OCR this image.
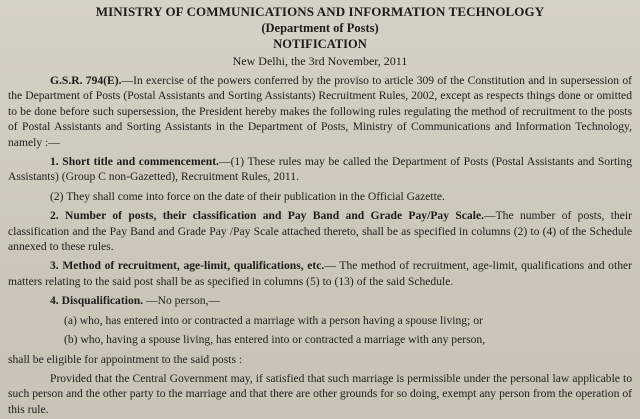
MINISTRY OF COMMUNICATIONS AND INFORMATION TECHNOLOGY
(Department of Posts)
NOTIFICATION
New Delhi, the 3rd November, 2011

G.S.R. 794(E).—In exercise of the powers conferred by the proviso to article 309 of the Constitution and in supersession of the Department of Posts (Postal Assistants and Sorting Assistants) Recruitment Rules, 2002, except as respects things done or omitted to be done before such supersession, the President hereby makes the following rules regulating the method of recruitment to the posts of Postal Assistants and Sorting Assistants in the Department of Posts, Ministry of Communications and Information Technology, namely :—

1. Short title and commencement.—(1) These rules may be called the Department of Posts (Postal Assistants and Sorting Assistants) (Group C non-Gazetted), Recruitment Rules, 2011.

(2) They shall come into force on the date of their publication in the Official Gazette.

2. Number of posts, their classification and Pay Band and Grade Pay/Pay Scale.—The number of posts, their classification and the Pay Band and Grade Pay /Pay Scale attached thereto, shall be as specified in columns (2) to (4) of the Schedule annexed to these rules.

3. Method of recruitment, age-limit, qualifications, etc.— The method of recruitment, age-limit, qualifications and other matters relating to the said post shall be as specified in columns (5) to (13) of the said Schedule.

4. Disqualification. —No person,—

(a) who, has entered into or contracted a marriage with a person having a spouse living; or

(b) who, having a spouse living, has entered into or contracted a marriage with any person,

shall be eligible for appointment to the said posts :

Provided that the Central Government may, if satisfied that such marriage is permissible under the personal law applicable to such person and the other party to the marriage and that there are other grounds for so doing, exempt any person from the operation of this rule.
